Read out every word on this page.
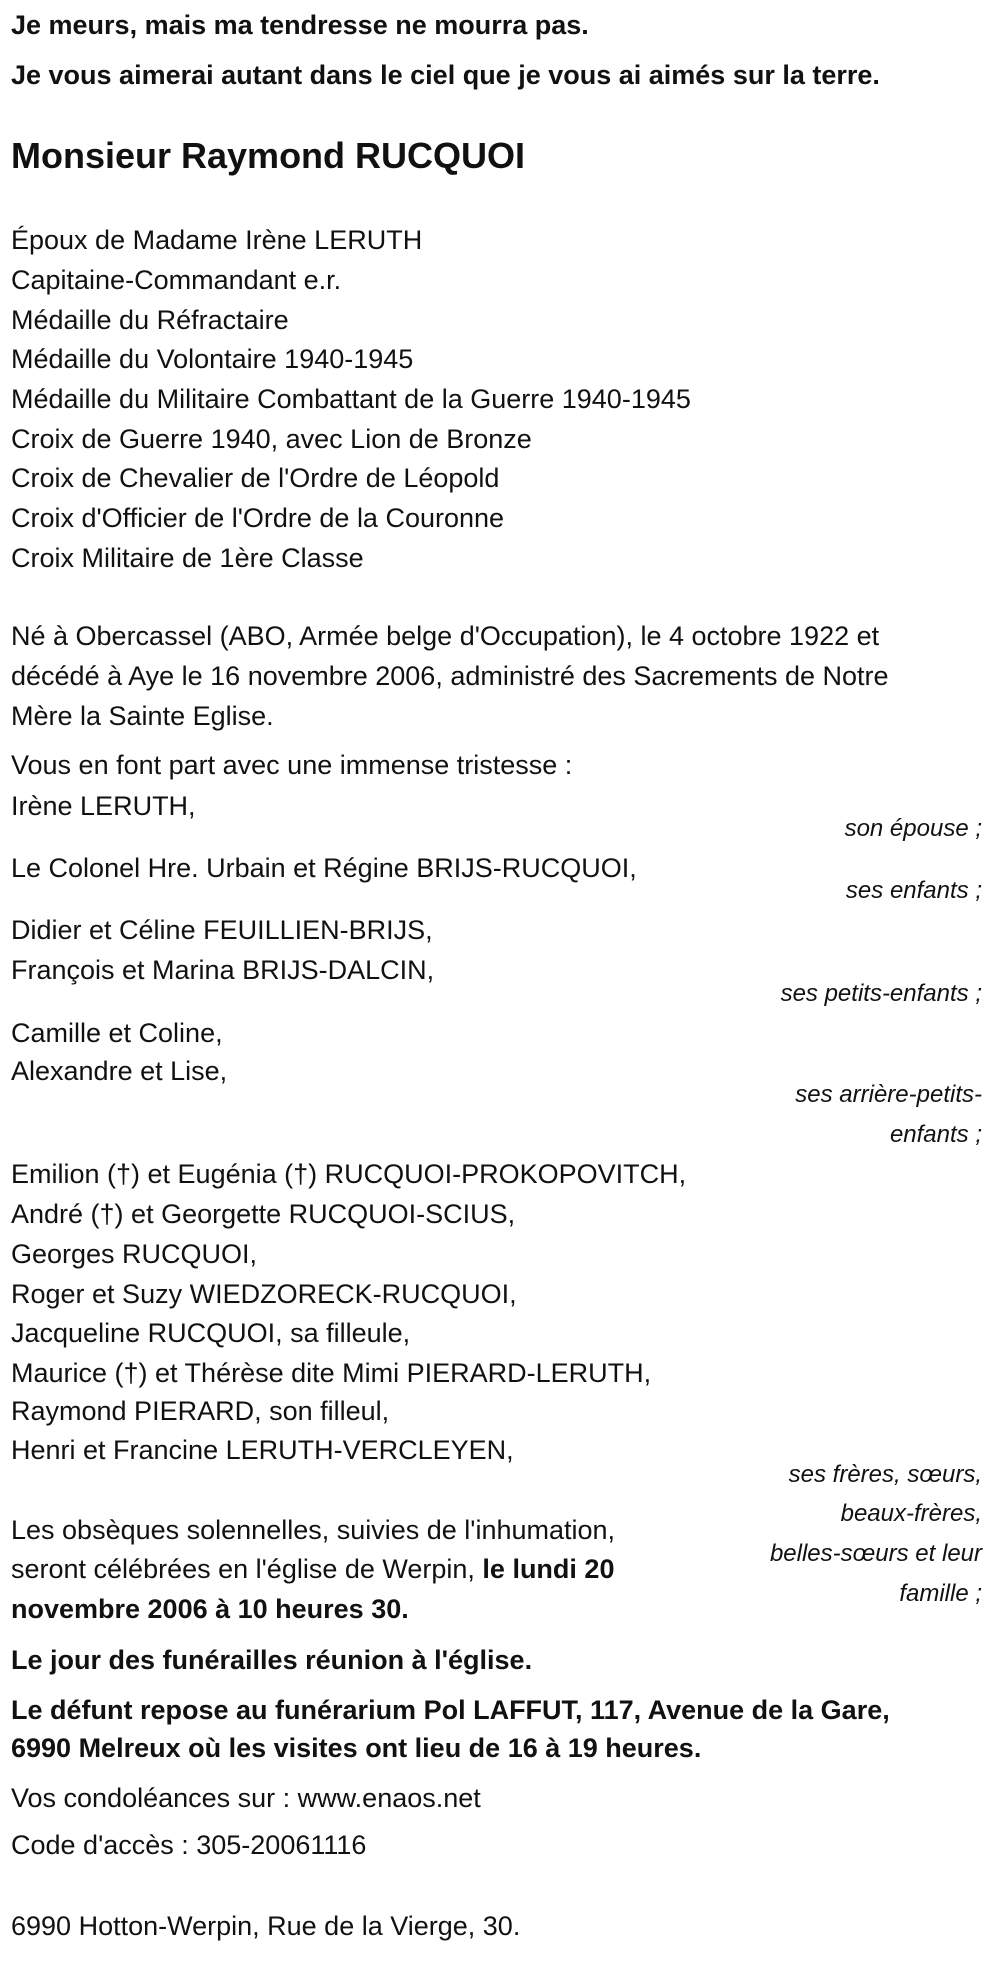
Je meurs, mais ma tendresse ne mourra pas.
Je vous aimerai autant dans le ciel que je vous ai aimés sur la terre.
Monsieur Raymond RUCQUOI
Époux de Madame Irène LERUTH
Capitaine-Commandant e.r.
Médaille du Réfractaire
Médaille du Volontaire 1940-1945
Médaille du Militaire Combattant de la Guerre 1940-1945
Croix de Guerre 1940, avec Lion de Bronze
Croix de Chevalier de l'Ordre de Léopold
Croix d'Officier de l'Ordre de la Couronne
Croix Militaire de 1ère Classe
Né à Obercassel (ABO, Armée belge d'Occupation), le 4 octobre 1922 et
décédé à Aye le 16 novembre 2006, administré des Sacrements de Notre
Mère la Sainte Eglise.
Vous en font part avec une immense tristesse :
Irène LERUTH,
son épouse ;
Le Colonel Hre. Urbain et Régine BRIJS-RUCQUOI,
ses enfants ;
Didier et Céline FEUILLIEN-BRIJS,
François et Marina BRIJS-DALCIN,
ses petits-enfants ;
Camille et Coline,
Alexandre et Lise,
ses arrière-petits-
enfants ;
Emilion (†) et Eugénia (†) RUCQUOI-PROKOPOVITCH,
André (†) et Georgette RUCQUOI-SCIUS,
Georges RUCQUOI,
Roger et Suzy WIEDZORECK-RUCQUOI,
Jacqueline RUCQUOI, sa filleule,
Maurice (†) et Thérèse dite Mimi PIERARD-LERUTH,
Raymond PIERARD, son filleul,
Henri et Francine LERUTH-VERCLEYEN,
ses frères, sœurs,
beaux-frères,
belles-sœurs et leur
famille ;
Les obsèques solennelles, suivies de l'inhumation,
seront célébrées en l'église de Werpin, le lundi 20
novembre 2006 à 10 heures 30.
Le jour des funérailles réunion à l'église.
Le défunt repose au funérarium Pol LAFFUT, 117, Avenue de la Gare,
6990 Melreux où les visites ont lieu de 16 à 19 heures.
Vos condoléances sur : www.enaos.net
Code d'accès : 305-20061116
6990 Hotton-Werpin, Rue de la Vierge, 30.
